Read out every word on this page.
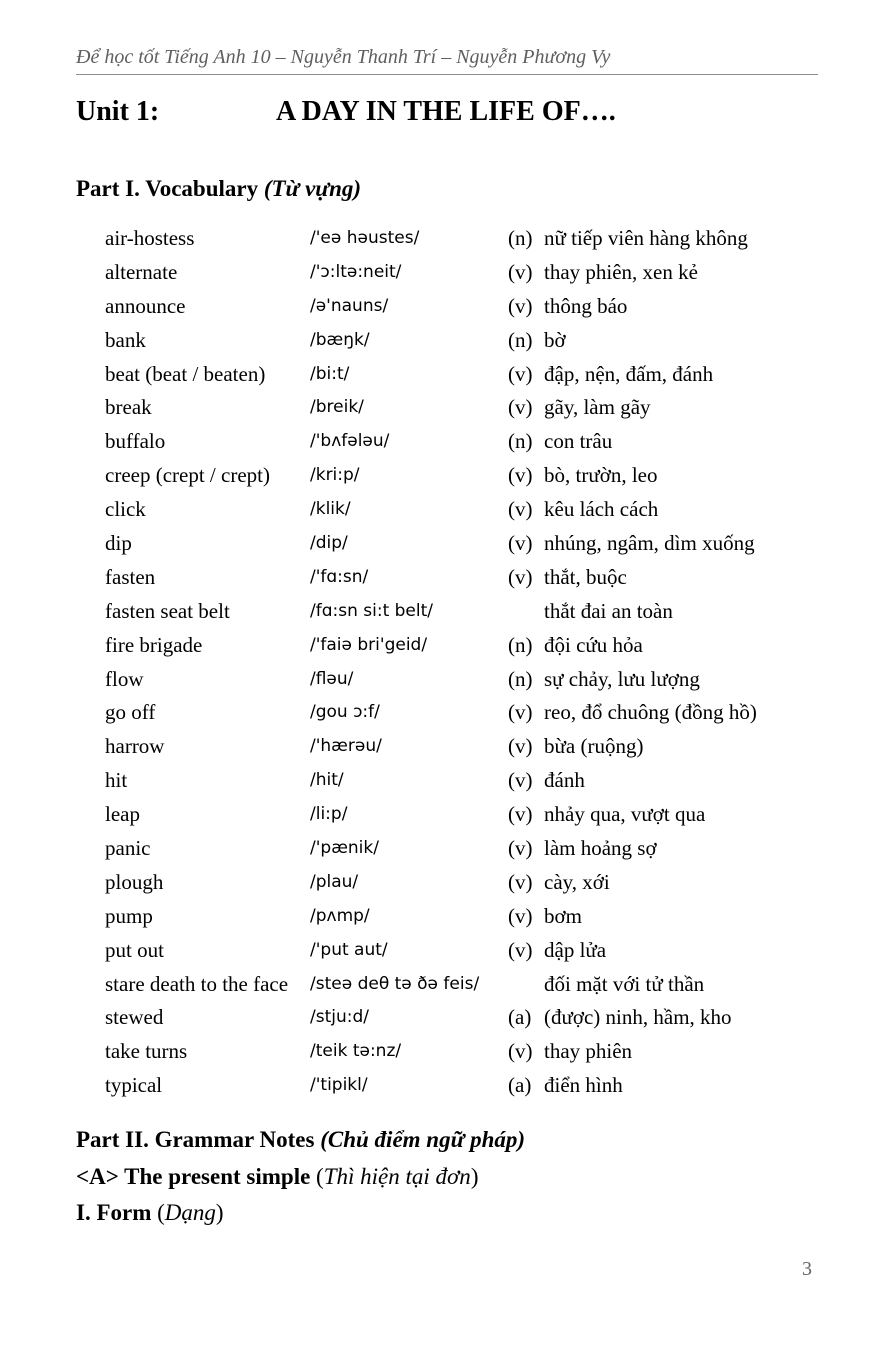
Để học tốt Tiếng Anh 10 – Nguyễn Thanh Trí – Nguyễn Phương Vy
Unit 1:	A DAY IN THE LIFE OF….
Part I. Vocabulary (Từ vựng)
air-hostess	/'eə həustes/	(n) nữ tiếp viên hàng không
alternate	/'ɔ:ltə:neit/	(v) thay phiên, xen kẻ
announce	/ə'nauns/	(v) thông báo
bank	/bæŋk/	(n) bờ
beat (beat / beaten)	/bi:t/	(v) đập, nện, đấm, đánh
break	/breik/	(v) gãy, làm gãy
buffalo	/'bʌfələu/	(n) con trâu
creep (crept / crept) /kri:p/	(v) bò, trườn, leo
click	/klik/	(v) kêu lách cách
dip	/dip/	(v) nhúng, ngâm, dìm xuống
fasten	/'fɑ:sn/	(v) thắt, buộc
fasten seat belt	/fɑ:sn si:t belt/	thắt đai an toàn
fire brigade	/'faiə bri'geid/	(n) đội cứu hỏa
flow	/fləu/	(n) sự chảy, lưu lượng
go off	/gou ɔ:f/	(v) reo, đổ chuông (đồng hồ)
harrow	/'hærəu/	(v) bừa (ruộng)
hit	/hit/	(v) đánh
leap	/li:p/	(v) nhảy qua, vượt qua
panic	/'pænik/	(v) làm hoảng sợ
plough	/plau/	(v) cày, xới
pump	/pʌmp/	(v) bơm
put out	/'put aut/	(v) dập lửa
stare death to the face /steə deθ tə ðə feis/	đối mặt với tử thần
stewed	/stju:d/	(a) (được) ninh, hầm, kho
take turns	/teik tə:nz/	(v) thay phiên
typical	/'tipikl/	(a) điển hình
Part II. Grammar Notes (Chủ điểm ngữ pháp)
<A> The present simple (Thì hiện tại đơn)
I. Form (Dạng)
3
